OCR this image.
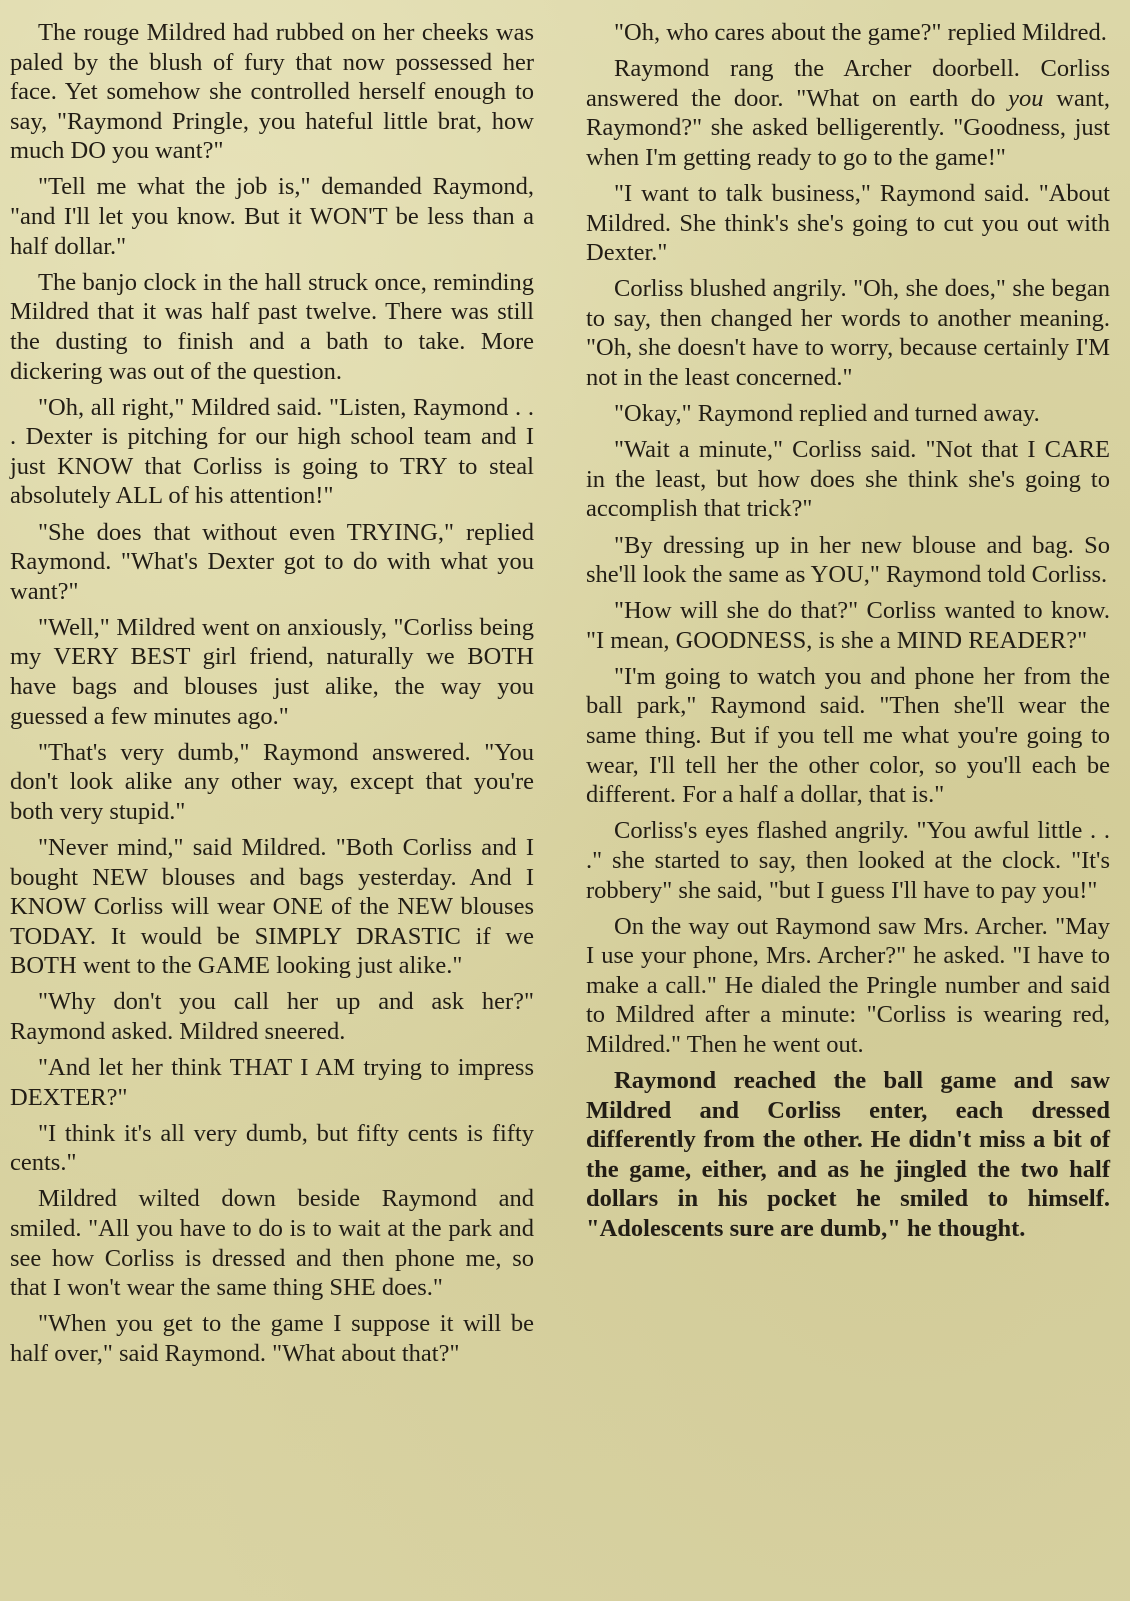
The rouge Mildred had rubbed on her cheeks was paled by the blush of fury that now possessed her face. Yet somehow she controlled herself enough to say, "Raymond Pringle, you hateful little brat, how much DO you want?"

"Tell me what the job is," demanded Raymond, "and I'll let you know. But it WON'T be less than a half dollar."

The banjo clock in the hall struck once, reminding Mildred that it was half past twelve. There was still the dusting to finish and a bath to take. More dickering was out of the question.

"Oh, all right," Mildred said. "Listen, Raymond . . . Dexter is pitching for our high school team and I just KNOW that Corliss is going to TRY to steal absolutely ALL of his attention!"

"She does that without even TRYING," replied Raymond. "What's Dexter got to do with what you want?"

"Well," Mildred went on anxiously, "Corliss being my VERY BEST girl friend, naturally we BOTH have bags and blouses just alike, the way you guessed a few minutes ago."

"That's very dumb," Raymond answered. "You don't look alike any other way, except that you're both very stupid."

"Never mind," said Mildred. "Both Corliss and I bought NEW blouses and bags yesterday. And I KNOW Corliss will wear ONE of the NEW blouses TODAY. It would be SIMPLY DRASTIC if we BOTH went to the GAME looking just alike."

"Why don't you call her up and ask her?" Raymond asked. Mildred sneered.

"And let her think THAT I AM trying to impress DEXTER?"

"I think it's all very dumb, but fifty cents is fifty cents."

Mildred wilted down beside Raymond and smiled. "All you have to do is to wait at the park and see how Corliss is dressed and then phone me, so that I won't wear the same thing SHE does."

"When you get to the game I suppose it will be half over," said Raymond. "What about that?"

"Oh, who cares about the game?" replied Mildred.

Raymond rang the Archer doorbell. Corliss answered the door. "What on earth do you want, Raymond?" she asked belligerently. "Goodness, just when I'm getting ready to go to the game!"

"I want to talk business," Raymond said. "About Mildred. She think's she's going to cut you out with Dexter."

Corliss blushed angrily. "Oh, she does," she began to say, then changed her words to another meaning. "Oh, she doesn't have to worry, because certainly I'M not in the least concerned."

"Okay," Raymond replied and turned away.

"Wait a minute," Corliss said. "Not that I CARE in the least, but how does she think she's going to accomplish that trick?"

"By dressing up in her new blouse and bag. So she'll look the same as YOU," Raymond told Corliss.

"How will she do that?" Corliss wanted to know. "I mean, GOODNESS, is she a MIND READER?"

"I'm going to watch you and phone her from the ball park," Raymond said. "Then she'll wear the same thing. But if you tell me what you're going to wear, I'll tell her the other color, so you'll each be different. For a half a dollar, that is."

Corliss's eyes flashed angrily. "You awful little . . ." she started to say, then looked at the clock. "It's robbery" she said, "but I guess I'll have to pay you!"

On the way out Raymond saw Mrs. Archer. "May I use your phone, Mrs. Archer?" he asked. "I have to make a call." He dialed the Pringle number and said to Mildred after a minute: "Corliss is wearing red, Mildred." Then he went out.

Raymond reached the ball game and saw Mildred and Corliss enter, each dressed differently from the other. He didn't miss a bit of the game, either, and as he jingled the two half dollars in his pocket he smiled to himself. "Adolescents sure are dumb," he thought.
